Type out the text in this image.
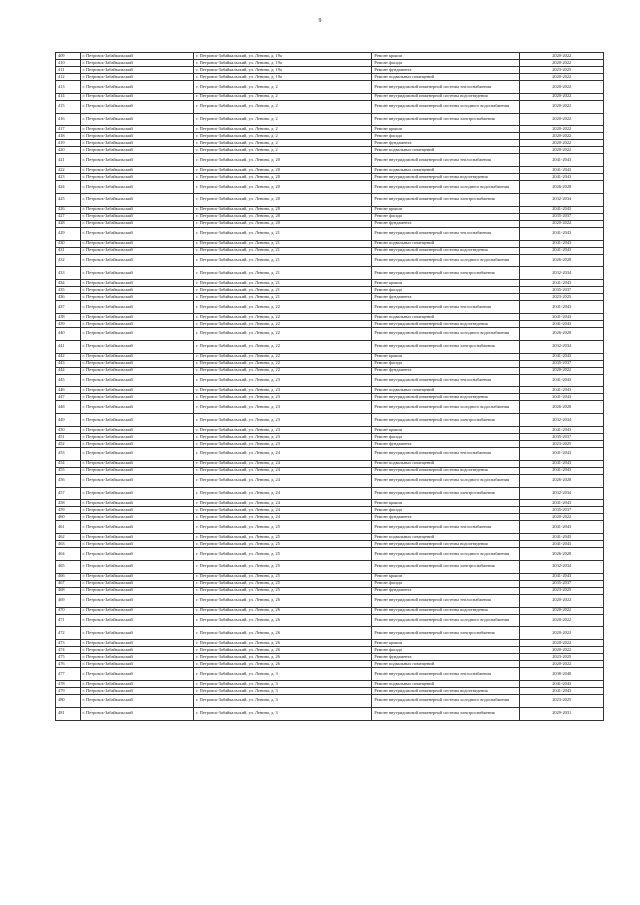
9
409	г. Петровск-Забайкальский	г. Петровск-Забайкальский, ул. Ленина, д. 19а	Ремонт крыши	2020-2022
410	г. Петровск-Забайкальский	г. Петровск-Забайкальский, ул. Ленина, д. 19а	Ремонт фасада	2020-2022
411	г. Петровск-Забайкальский	г. Петровск-Забайкальский, ул. Ленина, д. 19а	Ремонт фундамента	2023-2025
412	г. Петровск-Забайкальский	г. Петровск-Забайкальский, ул. Ленина, д. 19а	Ремонт подвальных помещений	2020-2022
413	г. Петровск-Забайкальский	г. Петровск-Забайкальский, ул. Ленина, д. 2	Ремонт внутридомовой инженерной системы теплоснабжения	2020-2022
414	г. Петровск-Забайкальский	г. Петровск-Забайкальский, ул. Ленина, д. 2	Ремонт внутридомовой инженерной системы водоотведения	2020-2022
415	г. Петровск-Забайкальский	г. Петровск-Забайкальский, ул. Ленина, д. 2	Ремонт внутридомовой инженерной системы холодного водоснабжения	2020-2022
416	г. Петровск-Забайкальский	г. Петровск-Забайкальский, ул. Ленина, д. 2	Ремонт внутридомовой инженерной системы электроснабжения	2020-2022
417	г. Петровск-Забайкальский	г. Петровск-Забайкальский, ул. Ленина, д. 2	Ремонт крыши	2020-2022
418	г. Петровск-Забайкальский	г. Петровск-Забайкальский, ул. Ленина, д. 2	Ремонт фасада	2020-2022
419	г. Петровск-Забайкальский	г. Петровск-Забайкальский, ул. Ленина, д. 2	Ремонт фундамента	2020-2022
420	г. Петровск-Забайкальский	г. Петровск-Забайкальский, ул. Ленина, д. 2	Ремонт подвальных помещений	2020-2022
421	г. Петровск-Забайкальский	г. Петровск-Забайкальский, ул. Ленина, д. 20	Ремонт внутридомовой инженерной системы теплоснабжения	2041-2043
422	г. Петровск-Забайкальский	г. Петровск-Забайкальский, ул. Ленина, д. 20	Ремонт подвальных помещений	2041-2043
423	г. Петровск-Забайкальский	г. Петровск-Забайкальский, ул. Ленина, д. 20	Ремонт внутридомовой инженерной системы водоотведения	2041-2043
424	г. Петровск-Забайкальский	г. Петровск-Забайкальский, ул. Ленина, д. 20	Ремонт внутридомовой инженерной системы холодного водоснабжения	2026-2028
425	г. Петровск-Забайкальский	г. Петровск-Забайкальский, ул. Ленина, д. 20	Ремонт внутридомовой инженерной системы электроснабжения	2032-2034
426	г. Петровск-Забайкальский	г. Петровск-Забайкальский, ул. Ленина, д. 20	Ремонт крыши	2041-2043
427	г. Петровск-Забайкальский	г. Петровск-Забайкальский, ул. Ленина, д. 20	Ремонт фасада	2035-2037
428	г. Петровск-Забайкальский	г. Петровск-Забайкальский, ул. Ленина, д. 20	Ремонт фундамента	2020-2022
429	г. Петровск-Забайкальский	г. Петровск-Забайкальский, ул. Ленина, д. 21	Ремонт внутридомовой инженерной системы теплоснабжения	2041-2043
430	г. Петровск-Забайкальский	г. Петровск-Забайкальский, ул. Ленина, д. 21	Ремонт подвальных помещений	2041-2043
431	г. Петровск-Забайкальский	г. Петровск-Забайкальский, ул. Ленина, д. 21	Ремонт внутридомовой инженерной системы водоотведения	2041-2043
432	г. Петровск-Забайкальский	г. Петровск-Забайкальский, ул. Ленина, д. 21	Ремонт внутридомовой инженерной системы холодного водоснабжения	2026-2028
433	г. Петровск-Забайкальский	г. Петровск-Забайкальский, ул. Ленина, д. 21	Ремонт внутридомовой инженерной системы электроснабжения	2032-2034
434	г. Петровск-Забайкальский	г. Петровск-Забайкальский, ул. Ленина, д. 21	Ремонт крыши	2041-2043
435	г. Петровск-Забайкальский	г. Петровск-Забайкальский, ул. Ленина, д. 21	Ремонт фасада	2035-2037
436	г. Петровск-Забайкальский	г. Петровск-Забайкальский, ул. Ленина, д. 21	Ремонт фундамента	2023-2025
437	г. Петровск-Забайкальский	г. Петровск-Забайкальский, ул. Ленина, д. 22	Ремонт внутридомовой инженерной системы теплоснабжения	2041-2043
438	г. Петровск-Забайкальский	г. Петровск-Забайкальский, ул. Ленина, д. 22	Ремонт подвальных помещений	2041-2043
439	г. Петровск-Забайкальский	г. Петровск-Забайкальский, ул. Ленина, д. 22	Ремонт внутридомовой инженерной системы водоотведения	2041-2043
440	г. Петровск-Забайкальский	г. Петровск-Забайкальский, ул. Ленина, д. 22	Ремонт внутридомовой инженерной системы холодного водоснабжения	2026-2028
441	г. Петровск-Забайкальский	г. Петровск-Забайкальский, ул. Ленина, д. 22	Ремонт внутридомовой инженерной системы электроснабжения	2032-2034
442	г. Петровск-Забайкальский	г. Петровск-Забайкальский, ул. Ленина, д. 22	Ремонт крыши	2041-2043
443	г. Петровск-Забайкальский	г. Петровск-Забайкальский, ул. Ленина, д. 22	Ремонт фасада	2035-2037
444	г. Петровск-Забайкальский	г. Петровск-Забайкальский, ул. Ленина, д. 22	Ремонт фундамента	2020-2022
445	г. Петровск-Забайкальский	г. Петровск-Забайкальский, ул. Ленина, д. 23	Ремонт внутридомовой инженерной системы теплоснабжения	2041-2043
446	г. Петровск-Забайкальский	г. Петровск-Забайкальский, ул. Ленина, д. 23	Ремонт подвальных помещений	2041-2043
447	г. Петровск-Забайкальский	г. Петровск-Забайкальский, ул. Ленина, д. 23	Ремонт внутридомовой инженерной системы водоотведения	2041-2043
448	г. Петровск-Забайкальский	г. Петровск-Забайкальский, ул. Ленина, д. 23	Ремонт внутридомовой инженерной системы холодного водоснабжения	2026-2028
449	г. Петровск-Забайкальский	г. Петровск-Забайкальский, ул. Ленина, д. 23	Ремонт внутридомовой инженерной системы электроснабжения	2032-2034
450	г. Петровск-Забайкальский	г. Петровск-Забайкальский, ул. Ленина, д. 23	Ремонт крыши	2041-2043
451	г. Петровск-Забайкальский	г. Петровск-Забайкальский, ул. Ленина, д. 23	Ремонт фасада	2035-2037
452	г. Петровск-Забайкальский	г. Петровск-Забайкальский, ул. Ленина, д. 23	Ремонт фундамента	2023-2025
453	г. Петровск-Забайкальский	г. Петровск-Забайкальский, ул. Ленина, д. 24	Ремонт внутридомовой инженерной системы теплоснабжения	2041-2043
454	г. Петровск-Забайкальский	г. Петровск-Забайкальский, ул. Ленина, д. 24	Ремонт подвальных помещений	2041-2043
455	г. Петровск-Забайкальский	г. Петровск-Забайкальский, ул. Ленина, д. 24	Ремонт внутридомовой инженерной системы водоотведения	2041-2043
456	г. Петровск-Забайкальский	г. Петровск-Забайкальский, ул. Ленина, д. 24	Ремонт внутридомовой инженерной системы холодного водоснабжения	2026-2028
457	г. Петровск-Забайкальский	г. Петровск-Забайкальский, ул. Ленина, д. 24	Ремонт внутридомовой инженерной системы электроснабжения	2032-2034
458	г. Петровск-Забайкальский	г. Петровск-Забайкальский, ул. Ленина, д. 24	Ремонт крыши	2041-2043
459	г. Петровск-Забайкальский	г. Петровск-Забайкальский, ул. Ленина, д. 24	Ремонт фасада	2035-2037
460	г. Петровск-Забайкальский	г. Петровск-Забайкальский, ул. Ленина, д. 24	Ремонт фундамента	2020-2022
461	г. Петровск-Забайкальский	г. Петровск-Забайкальский, ул. Ленина, д. 25	Ремонт внутридомовой инженерной системы теплоснабжения	2041-2043
462	г. Петровск-Забайкальский	г. Петровск-Забайкальский, ул. Ленина, д. 25	Ремонт подвальных помещений	2041-2043
463	г. Петровск-Забайкальский	г. Петровск-Забайкальский, ул. Ленина, д. 25	Ремонт внутридомовой инженерной системы водоотведения	2041-2043
464	г. Петровск-Забайкальский	г. Петровск-Забайкальский, ул. Ленина, д. 25	Ремонт внутридомовой инженерной системы холодного водоснабжения	2026-2028
465	г. Петровск-Забайкальский	г. Петровск-Забайкальский, ул. Ленина, д. 25	Ремонт внутридомовой инженерной системы электроснабжения	2032-2034
466	г. Петровск-Забайкальский	г. Петровск-Забайкальский, ул. Ленина, д. 25	Ремонт крыши	2041-2043
467	г. Петровск-Забайкальский	г. Петровск-Забайкальский, ул. Ленина, д. 25	Ремонт фасада	2035-2037
468	г. Петровск-Забайкальский	г. Петровск-Забайкальский, ул. Ленина, д. 25	Ремонт фундамента	2023-2025
469	г. Петровск-Забайкальский	г. Петровск-Забайкальский, ул. Ленина, д. 26	Ремонт внутридомовой инженерной системы теплоснабжения	2020-2022
470	г. Петровск-Забайкальский	г. Петровск-Забайкальский, ул. Ленина, д. 26	Ремонт внутридомовой инженерной системы водоотведения	2020-2022
471	г. Петровск-Забайкальский	г. Петровск-Забайкальский, ул. Ленина, д. 26	Ремонт внутридомовой инженерной системы холодного водоснабжения	2020-2022
472	г. Петровск-Забайкальский	г. Петровск-Забайкальский, ул. Ленина, д. 26	Ремонт внутридомовой инженерной системы электроснабжения	2020-2022
473	г. Петровск-Забайкальский	г. Петровск-Забайкальский, ул. Ленина, д. 26	Ремонт крыши	2020-2022
474	г. Петровск-Забайкальский	г. Петровск-Забайкальский, ул. Ленина, д. 26	Ремонт фасада	2020-2022
475	г. Петровск-Забайкальский	г. Петровск-Забайкальский, ул. Ленина, д. 26	Ремонт фундамента	2023-2025
476	г. Петровск-Забайкальский	г. Петровск-Забайкальский, ул. Ленина, д. 26	Ремонт подвальных помещений	2020-2022
477	г. Петровск-Забайкальский	г. Петровск-Забайкальский, ул. Ленина, д. 3	Ремонт внутридомовой инженерной системы теплоснабжения	2038-2040
478	г. Петровск-Забайкальский	г. Петровск-Забайкальский, ул. Ленина, д. 3	Ремонт подвальных помещений	2041-2043
479	г. Петровск-Забайкальский	г. Петровск-Забайкальский, ул. Ленина, д. 3	Ремонт внутридомовой инженерной системы водоотведения	2041-2043
480	г. Петровск-Забайкальский	г. Петровск-Забайкальский, ул. Ленина, д. 3	Ремонт внутридомовой инженерной системы холодного водоснабжения	2023-2025
481	г. Петровск-Забайкальский	г. Петровск-Забайкальский, ул. Ленина, д. 3	Ремонт внутридомовой инженерной системы электроснабжения	2029-2031
